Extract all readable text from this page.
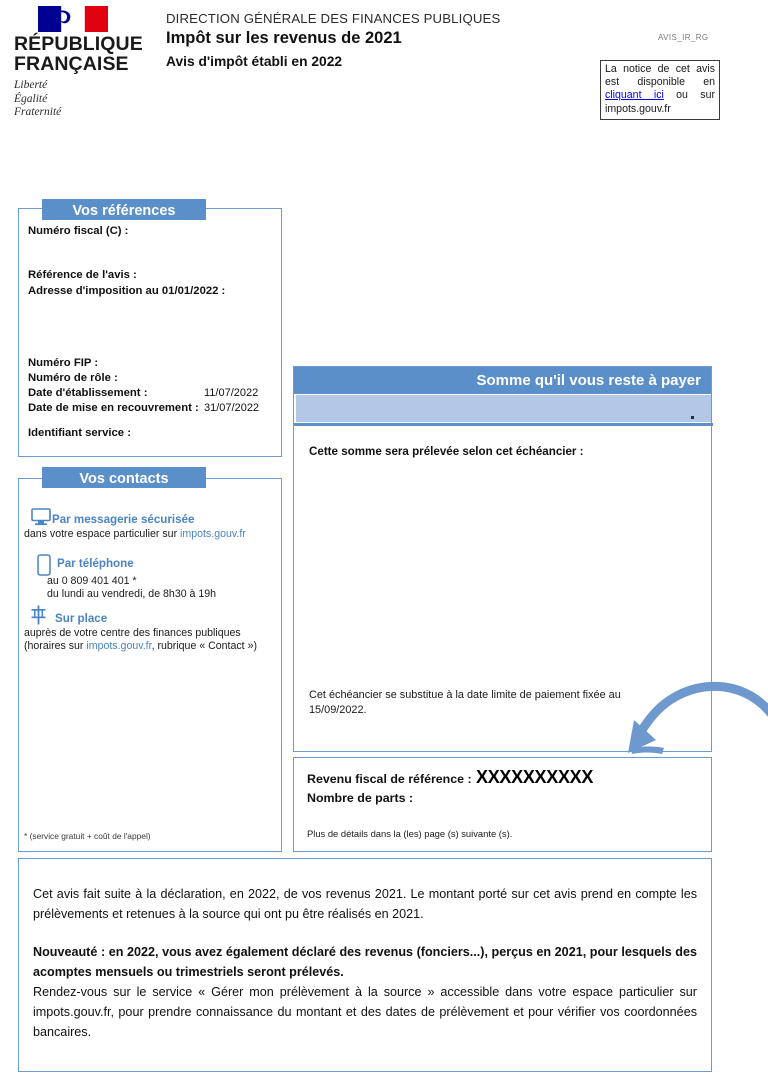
RÉPUBLIQUE
FRANÇAISE
Liberté
Égalité
Fraternité
DIRECTION GÉNÉRALE DES FINANCES PUBLIQUES
Impôt sur les revenus de 2021
Avis d'impôt établi en 2022
AVIS_IR_RG
La notice de cet avis est disponible en cliquant ici ou sur impots.gouv.fr
Numéro fiscal (C) :
Référence de l'avis :
Adresse d'imposition au 01/01/2022 :
Numéro FIP :
Numéro de rôle :
Date d'établissement :	11/07/2022
Date de mise en recouvrement : 31/07/2022
Identifiant service :
Vos références
Vos contacts
Par messagerie sécurisée
dans votre espace particulier sur impots.gouv.fr
Par téléphone
au 0 809 401 401 *
du lundi au vendredi, de 8h30 à 19h
Sur place
auprès de votre centre des finances publiques
(horaires sur impots.gouv.fr, rubrique « Contact »)
* (service gratuit + coût de l'appel)
Somme qu'il vous reste à payer
Cette somme sera prélevée selon cet échéancier :
Cet échéancier se substitue à la date limite de paiement fixée au 15/09/2022.
Revenu fiscal de référence : XXXXXXXXXX
Nombre de parts :
Plus de détails dans la (les) page (s) suivante (s).

Cet avis fait suite à la déclaration, en 2022, de vos revenus 2021. Le montant porté sur cet avis prend en compte les prélèvements et retenues à la source qui ont pu être réalisés en 2021.

Nouveauté : en 2022, vous avez également déclaré des revenus (fonciers...), perçus en 2021, pour lesquels des acomptes mensuels ou trimestriels seront prélevés.

Rendez-vous sur le service « Gérer mon prélèvement à la source » accessible dans votre espace particulier sur impots.gouv.fr, pour prendre connaissance du montant et des dates de prélèvement et pour vérifier vos coordonnées bancaires.
